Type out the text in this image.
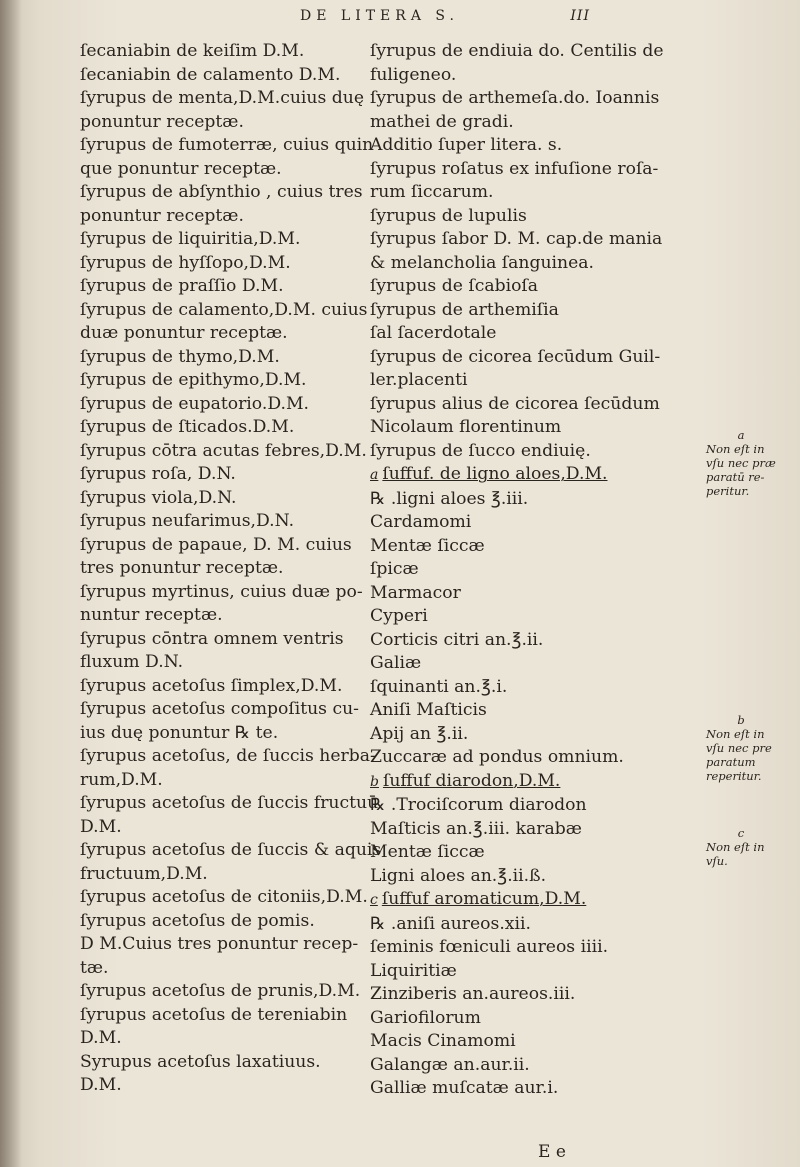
DE LITERA S.	III
ſecaniabin de keiſim D.M.
ſecaniabin de calamento D.M.
ſyrupus de menta,D.M.cuius duę
ponuntur receptæ.
ſyrupus de fumoterræ, cuius quin
que ponuntur receptæ.
ſyrupus de abſynthio , cuius tres
ponuntur receptæ.
ſyrupus de liquiritia,D.M.
ſyrupus de hyſſopo,D.M.
ſyrupus de praſſio D.M.
ſyrupus de calamento,D.M. cuius
duæ ponuntur receptæ.
ſyrupus de thymo,D.M.
ſyrupus de epithymo,D.M.
ſyrupus de eupatorio.D.M.
ſyrupus de ſticados.D.M.
ſyrupus cōtra acutas febres,D.M.
ſyrupus roſa, D.N.
ſyrupus viola,D.N.
ſyrupus neufarimus,D.N.
ſyrupus de papaue, D. M. cuius
tres ponuntur receptæ.
ſyrupus myrtinus, cuius duæ po-
nuntur receptæ.
ſyrupus cōntra omnem ventris
fluxum D.N.
ſyrupus acetoſus ſimplex,D.M.
ſyrupus acetoſus compoſitus cu-
ius duę ponuntur ℞ te.
ſyrupus acetoſus, de ſuccis herba-
rum,D.M.
ſyrupus acetoſus de ſuccis fructuū
D.M.
ſyrupus acetoſus de ſuccis & aquis
fructuum,D.M.
ſyrupus acetoſus de citoniis,D.M.
ſyrupus acetoſus de pomis.
D M.Cuius tres ponuntur recep-
tæ.
ſyrupus acetoſus de prunis,D.M.
ſyrupus acetoſus de tereniabin
D.M.
Syrupus acetoſus laxatiuus.
D.M.
ſyrupus de endiuia do. Centilis de
fuligeneo.
ſyrupus de arthemeſa.do. Ioannis
mathei de gradi.
Additio ſuper litera. s.
ſyrupus roſatus ex infuſione roſa-
rum ſiccarum.
ſyrupus de lupulis
ſyrupus ſabor D. M. cap.de mania
& melancholia ſanguinea.
ſyrupus de ſcabioſa
ſyrupus de arthemiſia
ſal ſacerdotale
ſyrupus de cicorea ſecūdum Guil-
ler.placenti
ſyrupus alius de cicorea ſecūdum
Nicolaum florentinum
ſyrupus de ſucco endiuię.
a ſuffuf. de ligno aloes,D.M.
℞ .ligni aloes ℥.iii.
Cardamomi
Mentæ ſiccæ
ſpicæ
Marmacor
Cyperi
Corticis citri an.℥.ii.
Galiæ
ſquinanti an.℥.i.
Aniſi Maſticis
Apij an ℥.ii.
Zuccaræ ad pondus omnium.
b ſuffuf diarodon,D.M.
℞ .Trociſcorum diarodon
Maſticis an.℥.iii. karabæ
Mentæ ſiccæ
Ligni aloes an.℥.ii.ß.
c ſuffuf aromaticum,D.M.
℞ .aniſi aureos.xii.
ſeminis fœniculi aureos iiii.
Liquiritiæ
Zinziberis an.aureos.iii.
Gariofilorum
Macis Cinamomi
Galangæ an.aur.ii.
Galliæ muſcatæ aur.i.
a
Non eſt in
vſu nec præ
paratū re-
peritur.
b
Non eſt in
vſu nec pre
paratum
reperitur.
c
Non eſt in
vſu.
E e
